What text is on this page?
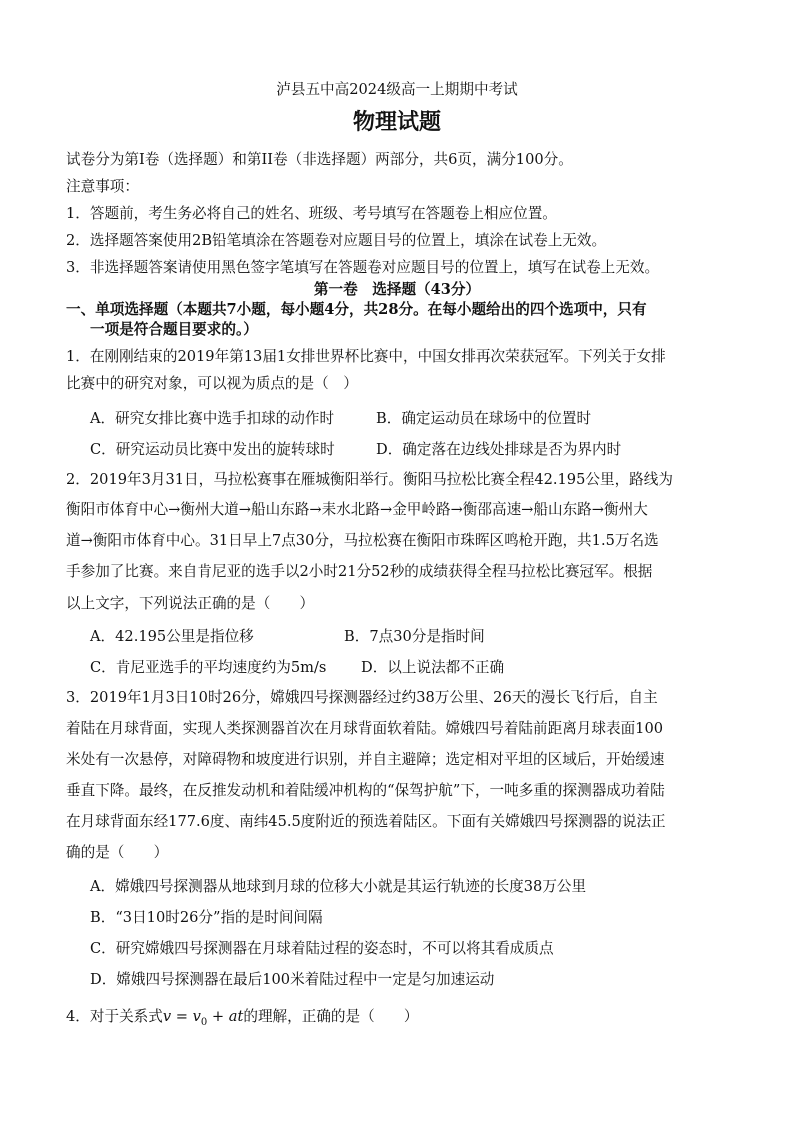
泸县五中高2024级高一上期期中考试
物理试题
试卷分为第I卷（选择题）和第II卷（非选择题）两部分，共6页，满分100分。
注意事项：
1．答题前，考生务必将自己的姓名、班级、考号填写在答题卷上相应位置。
2．选择题答案使用2B铅笔填涂在答题卷对应题目号的位置上，填涂在试卷上无效。
3．非选择题答案请使用黑色签字笔填写在答题卷对应题目号的位置上，填写在试卷上无效。
第一卷　选择题（43分）
一、单项选择题（本题共7小题，每小题4分，共28分。在每小题给出的四个选项中，只有
一项是符合题目要求的。）
1．在刚刚结束的2019年第13届1女排世界杯比赛中，中国女排再次荣获冠军。下列关于女排
比赛中的研究对象，可以视为质点的是（　）
A．研究女排比赛中选手扣球的动作时	B．确定运动员在球场中的位置时
C．研究运动员比赛中发出的旋转球时	D．确定落在边线处排球是否为界内时
2．2019年3月31日，马拉松赛事在雁城衡阳举行。衡阳马拉松比赛全程42.195公里，路线为
衡阳市体育中心→衡州大道→船山东路→耒水北路→金甲岭路→衡邵高速→船山东路→衡州大
道→衡阳市体育中心。31日早上7点30分，马拉松赛在衡阳市珠晖区鸣枪开跑，共1.5万名选
手参加了比赛。来自肯尼亚的选手以2小时21分52秒的成绩获得全程马拉松比赛冠军。根据
以上文字，下列说法正确的是（　　）
A．42.195公里是指位移	B．7点30分是指时间
C．肯尼亚选手的平均速度约为5m/s D．以上说法都不正确
3．2019年1月3日10时26分，嫦娥四号探测器经过约38万公里、26天的漫长飞行后，自主
着陆在月球背面，实现人类探测器首次在月球背面软着陆。嫦娥四号着陆前距离月球表面100
米处有一次悬停，对障碍物和坡度进行识别，并自主避障；选定相对平坦的区域后，开始缓速
垂直下降。最终，在反推发动机和着陆缓冲机构的“保驾护航”下，一吨多重的探测器成功着陆
在月球背面东经177.6度、南纬45.5度附近的预选着陆区。下面有关嫦娥四号探测器的说法正
确的是（　　）
A．嫦娥四号探测器从地球到月球的位移大小就是其运行轨迹的长度38万公里
B．“3日10时26分”指的是时间间隔
C．研究嫦娥四号探测器在月球着陆过程的姿态时，不可以将其看成质点
D．嫦娥四号探测器在最后100米着陆过程中一定是匀加速运动
4．对于关系式$v = v_0$ + at的理解，正确的是（　　）
